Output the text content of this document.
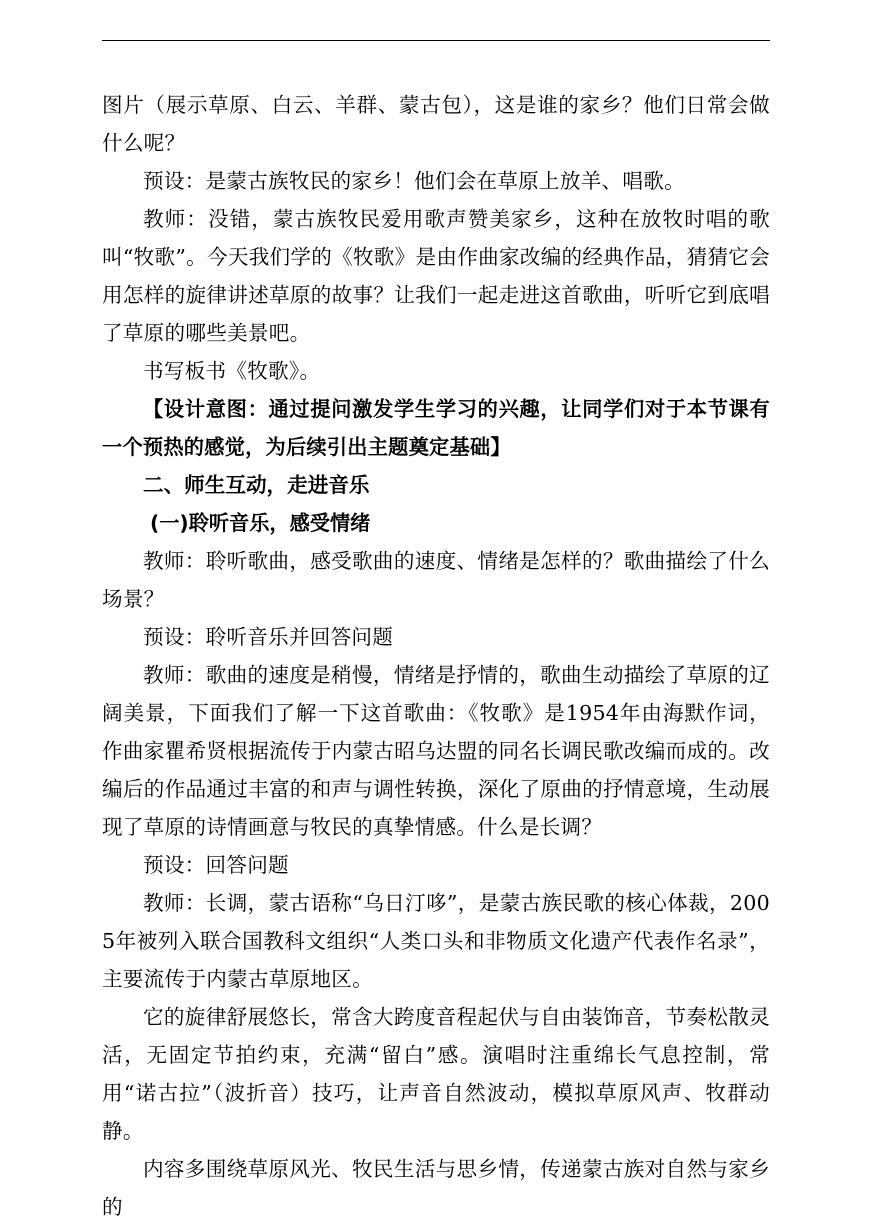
图片（展示草原、白云、羊群、蒙古包），这是谁的家乡？他们日常会做什么呢？

预设：是蒙古族牧民的家乡！他们会在草原上放羊、唱歌。

教师：没错，蒙古族牧民爱用歌声赞美家乡，这种在放牧时唱的歌叫“牧歌”。今天我们学的《牧歌》是由作曲家改编的经典作品，猜猜它会用怎样的旋律讲述草原的故事？让我们一起走进这首歌曲，听听它到底唱了草原的哪些美景吧。

书写板书《牧歌》。

【设计意图：通过提问激发学生学习的兴趣，让同学们对于本节课有一个预热的感觉，为后续引出主题奠定基础】

二、师生互动，走进音乐

(一)聆听音乐，感受情绪

教师：聆听歌曲，感受歌曲的速度、情绪是怎样的？歌曲描绘了什么场景？

预设：聆听音乐并回答问题

教师：歌曲的速度是稍慢，情绪是抒情的，歌曲生动描绘了草原的辽阔美景，下面我们了解一下这首歌曲：《牧歌》是1954年由海默作词，作曲家瞿希贤根据流传于内蒙古昭乌达盟的同名长调民歌改编而成的。改编后的作品通过丰富的和声与调性转换，深化了原曲的抒情意境，生动展现了草原的诗情画意与牧民的真挚情感。什么是长调？

预设：回答问题

教师：长调，蒙古语称“乌日汀哆”，是蒙古族民歌的核心体裁，2005年被列入联合国教科文组织“人类口头和非物质文化遗产代表作名录”，主要流传于内蒙古草原地区。

它的旋律舒展悠长，常含大跨度音程起伏与自由装饰音，节奏松散灵活，无固定节拍约束，充满“留白”感。演唱时注重绵长气息控制，常用“诺古拉”（波折音）技巧，让声音自然波动，模拟草原风声、牧群动静。

内容多围绕草原风光、牧民生活与思乡情，传递蒙古族对自然与家乡的
